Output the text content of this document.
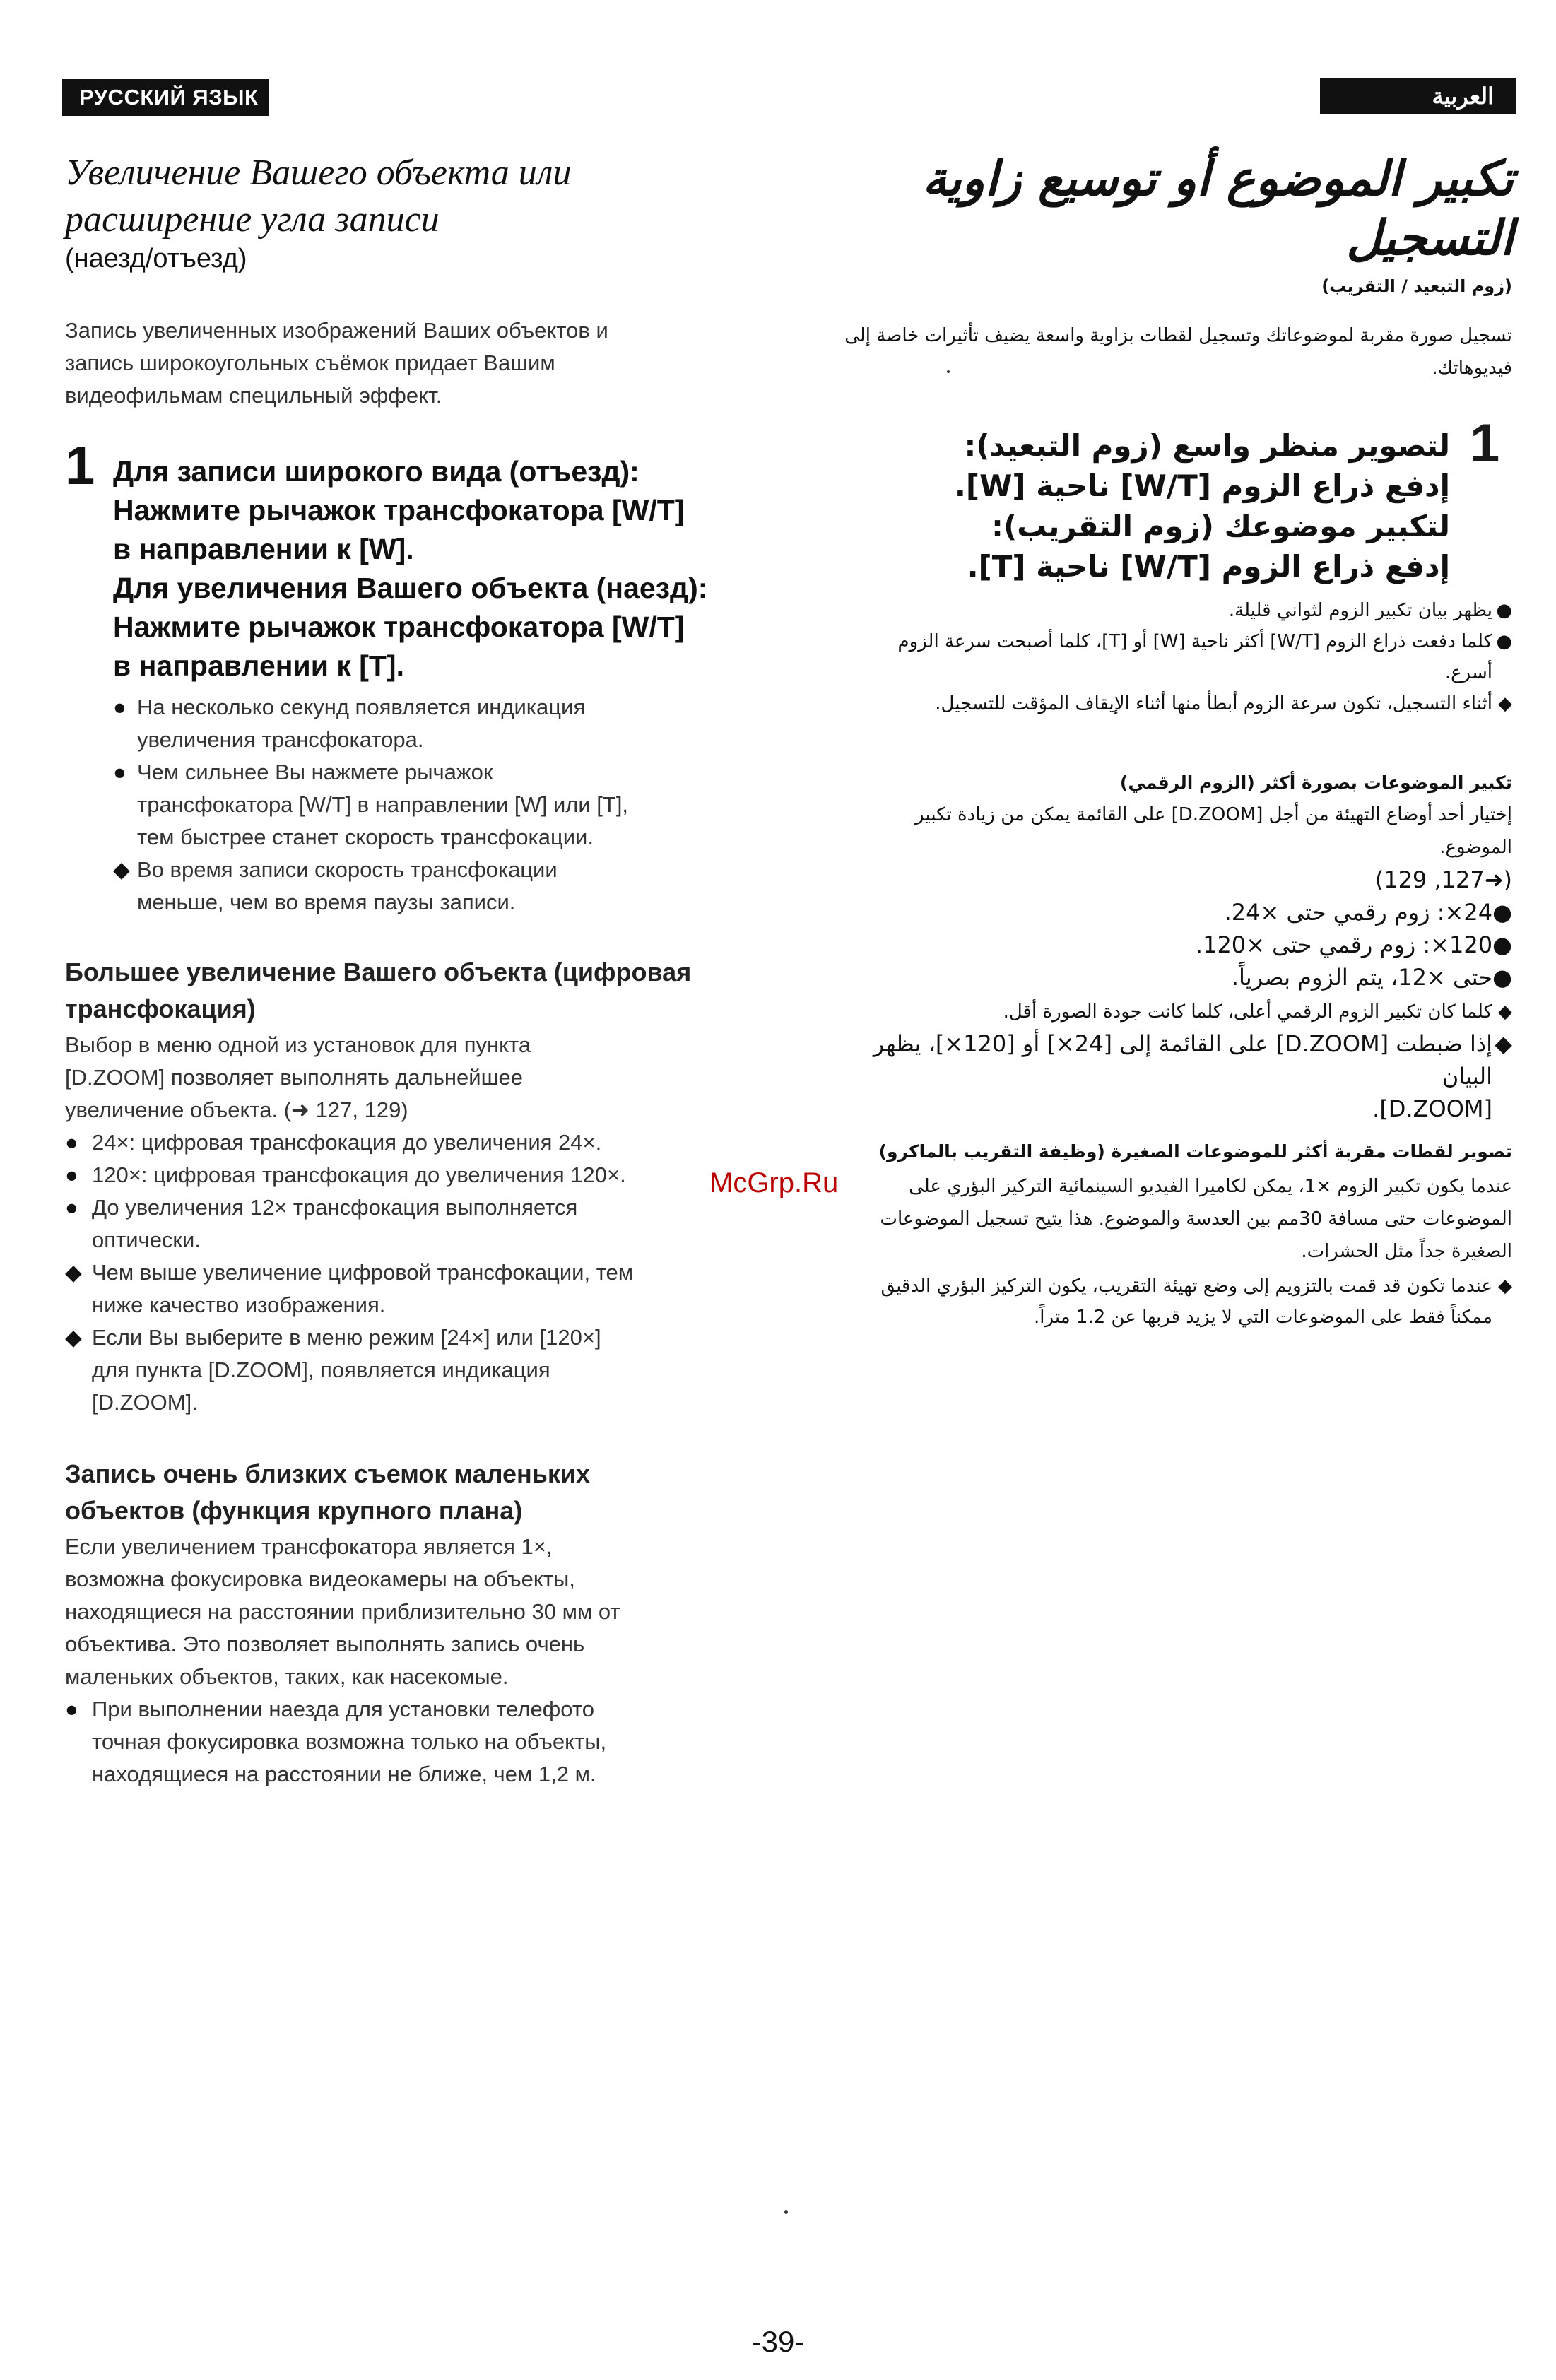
РУССКИЙ ЯЗЫК	العربية
Увеличение Вашего объекта или
расширение угла записи
(наезд/отъезд)
Запись увеличенных изображений Ваших объектов и
запись широкоугольных съёмок придает Вашим
видеофильмам специльный эффект.
1 Для записи широкого вида (отъезд):
Нажмите рычажок трансфокатора [W/T]
в направлении к [W].
Для увеличения Вашего объекта (наезд):
Нажмите рычажок трансфокатора [W/T]
в направлении к [T].
● На несколько секунд появляется индикация
увеличения трансфокатора.
● Чем сильнее Вы нажмете рычажок
трансфокатора [W/T] в направлении [W] или [T],
тем быстрее станет скорость трансфокации.
◆ Во время записи скорость трансфокации
меньше, чем во время паузы записи.
Большее увеличение Вашего объекта (цифровая
трансфокация)
Выбор в меню одной из установок для пункта
[D.ZOOM] позволяет выполнять дальнейшее
увеличение объекта. (➜ 127, 129)
● 24×: цифровая трансфокация до увеличения 24×.
● 120×: цифровая трансфокация до увеличения 120×.
● До увеличения 12× трансфокация выполняется
оптически.
◆ Чем выше увеличение цифровой трансфокации, тем
ниже качество изображения.
◆ Если Вы выберите в меню режим [24×] или [120×]
для пункта [D.ZOOM], появляется индикация
[D.ZOOM].
Запись очень близких съемок маленьких
объектов (функция крупного плана)
Если увеличением трансфокатора является 1×,
возможна фокусировка видеокамеры на объекты,
находящиеся на расстоянии приблизительно 30 мм от
объектива. Это позволяет выполнять запись очень
маленьких объектов, таких, как насекомые.
● При выполнении наезда для установки телефото
точная фокусировка возможна только на объекты,
находящиеся на расстоянии не ближе, чем 1,2 м.
تكبير الموضوع أو توسيع زاوية
التسجيل
(زوم التبعيد / التقريب)
تسجيل صورة مقربة لموضوعاتك وتسجيل لقطات بزاوية واسعة يضيف تأثيرات خاصة إلى
فيديوهاتك.
1
لتصوير منظر واسع (زوم التبعيد):
إدفع ذراع الزوم [W/T] ناحية [W].
لتكبير موضوعك (زوم التقريب):
إدفع ذراع الزوم [W/T] ناحية [T].
●
يظهر بيان تكبير الزوم لثواني قليلة.
●
كلما دفعت ذراع الزوم [W/T] أكثر ناحية [W] أو [T]، كلما أصبحت سرعة الزوم
أسرع.
◆
أثناء التسجيل، تكون سرعة الزوم أبطأ منها أثناء الإيقاف المؤقت للتسجيل.
تكبير الموضوعات بصورة أكثر (الزوم الرقمي)
إختيار أحد أوضاع التهيئة من أجل [D.ZOOM] على القائمة يمكن من زيادة تكبير
الموضوع.
(➜127, 129)
●24×: زوم رقمي حتى ×24.
●120×: زوم رقمي حتى ×120.
●حتى ×12، يتم الزوم بصرياً.
◆
كلما كان تكبير الزوم الرقمي أعلى، كلما كانت جودة الصورة أقل.
◆
إذا ضبطت [D.ZOOM] على القائمة إلى [24×] أو [120×]، يظهر البيان
[D.ZOOM].
تصوير لقطات مقربة أكثر للموضوعات الصغيرة (وظيفة التقريب بالماكرو)
عندما يكون تكبير الزوم ×1، يمكن لكاميرا الفيديو السينمائية التركيز البؤري على
الموضوعات حتى مسافة 30مم بين العدسة والموضوع. هذا يتيح تسجيل الموضوعات
الصغيرة جداً مثل الحشرات.
◆
عندما تكون قد قمت بالتزويم إلى وضع تهيئة التقريب، يكون التركيز البؤري الدقيق
ممكناً فقط على الموضوعات التي لا يزيد قربها عن 1.2 متراً.
McGrp.Ru
-39-
